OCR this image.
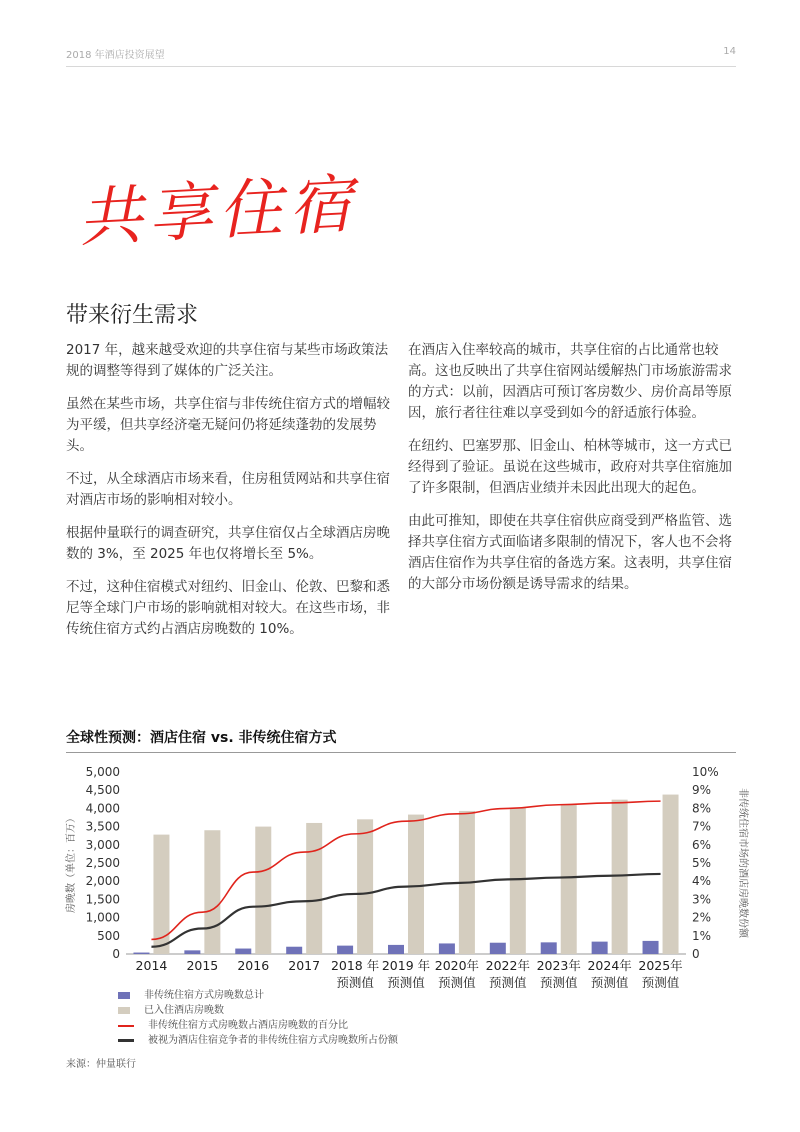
2018 年酒店投资展望	14
共享住宿
带来衍生需求

2017 年，越来越受欢迎的共享住宿与某些市场政策法规的调整等得到了媒体的广泛关注。

虽然在某些市场，共享住宿与非传统住宿方式的增幅较为平缓，但共享经济毫无疑问仍将延续蓬勃的发展势头。

不过，从全球酒店市场来看，住房租赁网站和共享住宿对酒店市场的影响相对较小。

根据仲量联行的调查研究，共享住宿仅占全球酒店房晚数的 3%，至 2025 年也仅将增长至 5%。

不过，这种住宿模式对纽约、旧金山、伦敦、巴黎和悉尼等全球门户市场的影响就相对较大。在这些市场，非传统住宿方式约占酒店房晚数的 10%。

在酒店入住率较高的城市，共享住宿的占比通常也较高。这也反映出了共享住宿网站缓解热门市场旅游需求的方式：以前，因酒店可预订客房数少、房价高昂等原因，旅行者往往难以享受到如今的舒适旅行体验。

在纽约、巴塞罗那、旧金山、柏林等城市，这一方式已经得到了验证。虽说在这些城市，政府对共享住宿施加了许多限制，但酒店业绩并未因此出现大的起色。

由此可推知，即使在共享住宿供应商受到严格监管、选择共享住宿方式面临诸多限制的情况下，客人也不会将酒店住宿作为共享住宿的备选方案。这表明，共享住宿的大部分市场份额是诱导需求的结果。

全球性预测：酒店住宿 vs. 非传统住宿方式
0
500
1,000
1,500
2,000
2,500
3,000
3,500
4,000
4,500
5,000
0
1%
2%
3%
4%
5%
6%
7%
8%
9%
10%
房晚数（单位：百万）	非传统住宿市场的酒店房晚数份额
2014 2015 2016 2017 2018 年
预测值
2019 年
预测值
2020年
预测值
2022年
预测值
2023年
预测值
2024年
预测值
2025年
预测值
非传统住宿方式房晚数总计
已入住酒店房晚数
非传统住宿方式房晚数占酒店房晚数的百分比
被视为酒店住宿竞争者的非传统住宿方式房晚数所占份额
来源：仲量联行
